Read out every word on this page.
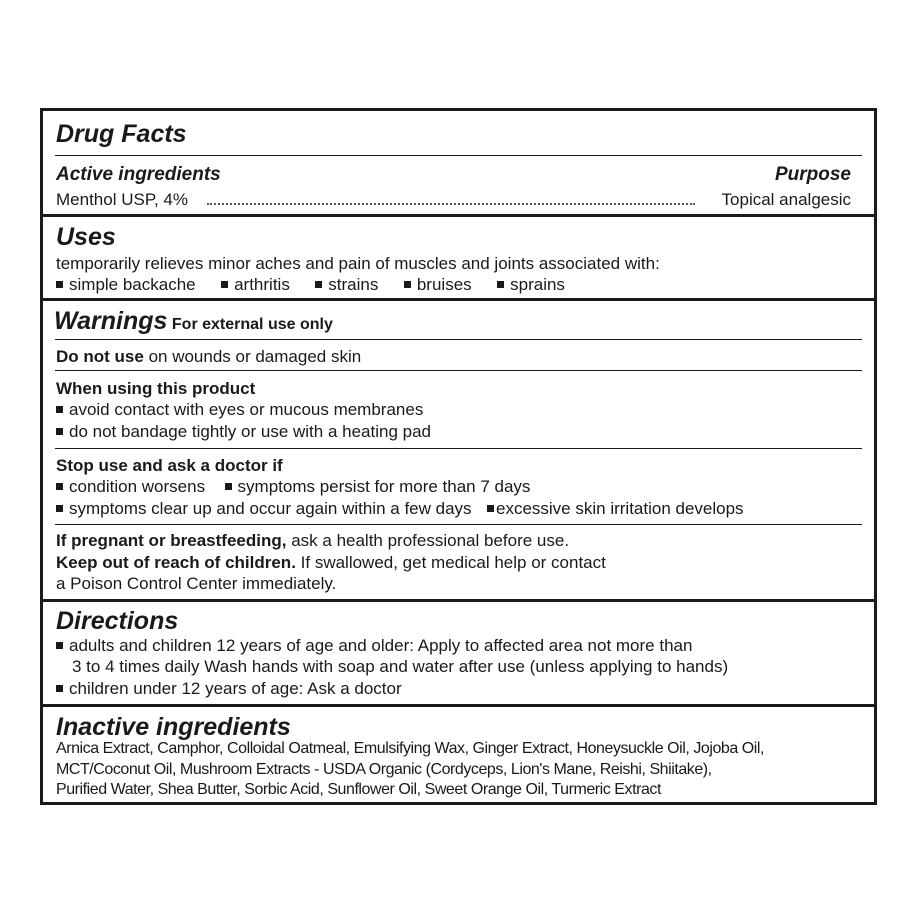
Drug Facts
Active ingredients	Purpose
Menthol USP, 4%	Topical analgesic
Uses
temporarily relieves minor aches and pain of muscles and joints associated with:
simple backache arthritis strains bruises sprains
Warnings For external use only
Do not use on wounds or damaged skin
When using this product
avoid contact with eyes or mucous membranes
do not bandage tightly or use with a heating pad
Stop use and ask a doctor if
condition worsens symptoms persist for more than 7 days
symptoms clear up and occur again within a few days excessive skin irritation develops
If pregnant or breastfeeding, ask a health professional before use.
Keep out of reach of children. If swallowed, get medical help or contact
a Poison Control Center immediately.
Directions
adults and children 12 years of age and older: Apply to affected area not more than
3 to 4 times daily Wash hands with soap and water after use (unless applying to hands)
children under 12 years of age: Ask a doctor
Inactive ingredients
Arnica Extract, Camphor, Colloidal Oatmeal, Emulsifying Wax, Ginger Extract, Honeysuckle Oil, Jojoba Oil,
MCT/Coconut Oil, Mushroom Extracts - USDA Organic (Cordyceps, Lion's Mane, Reishi, Shiitake),
Purified Water, Shea Butter, Sorbic Acid, Sunflower Oil, Sweet Orange Oil, Turmeric Extract
